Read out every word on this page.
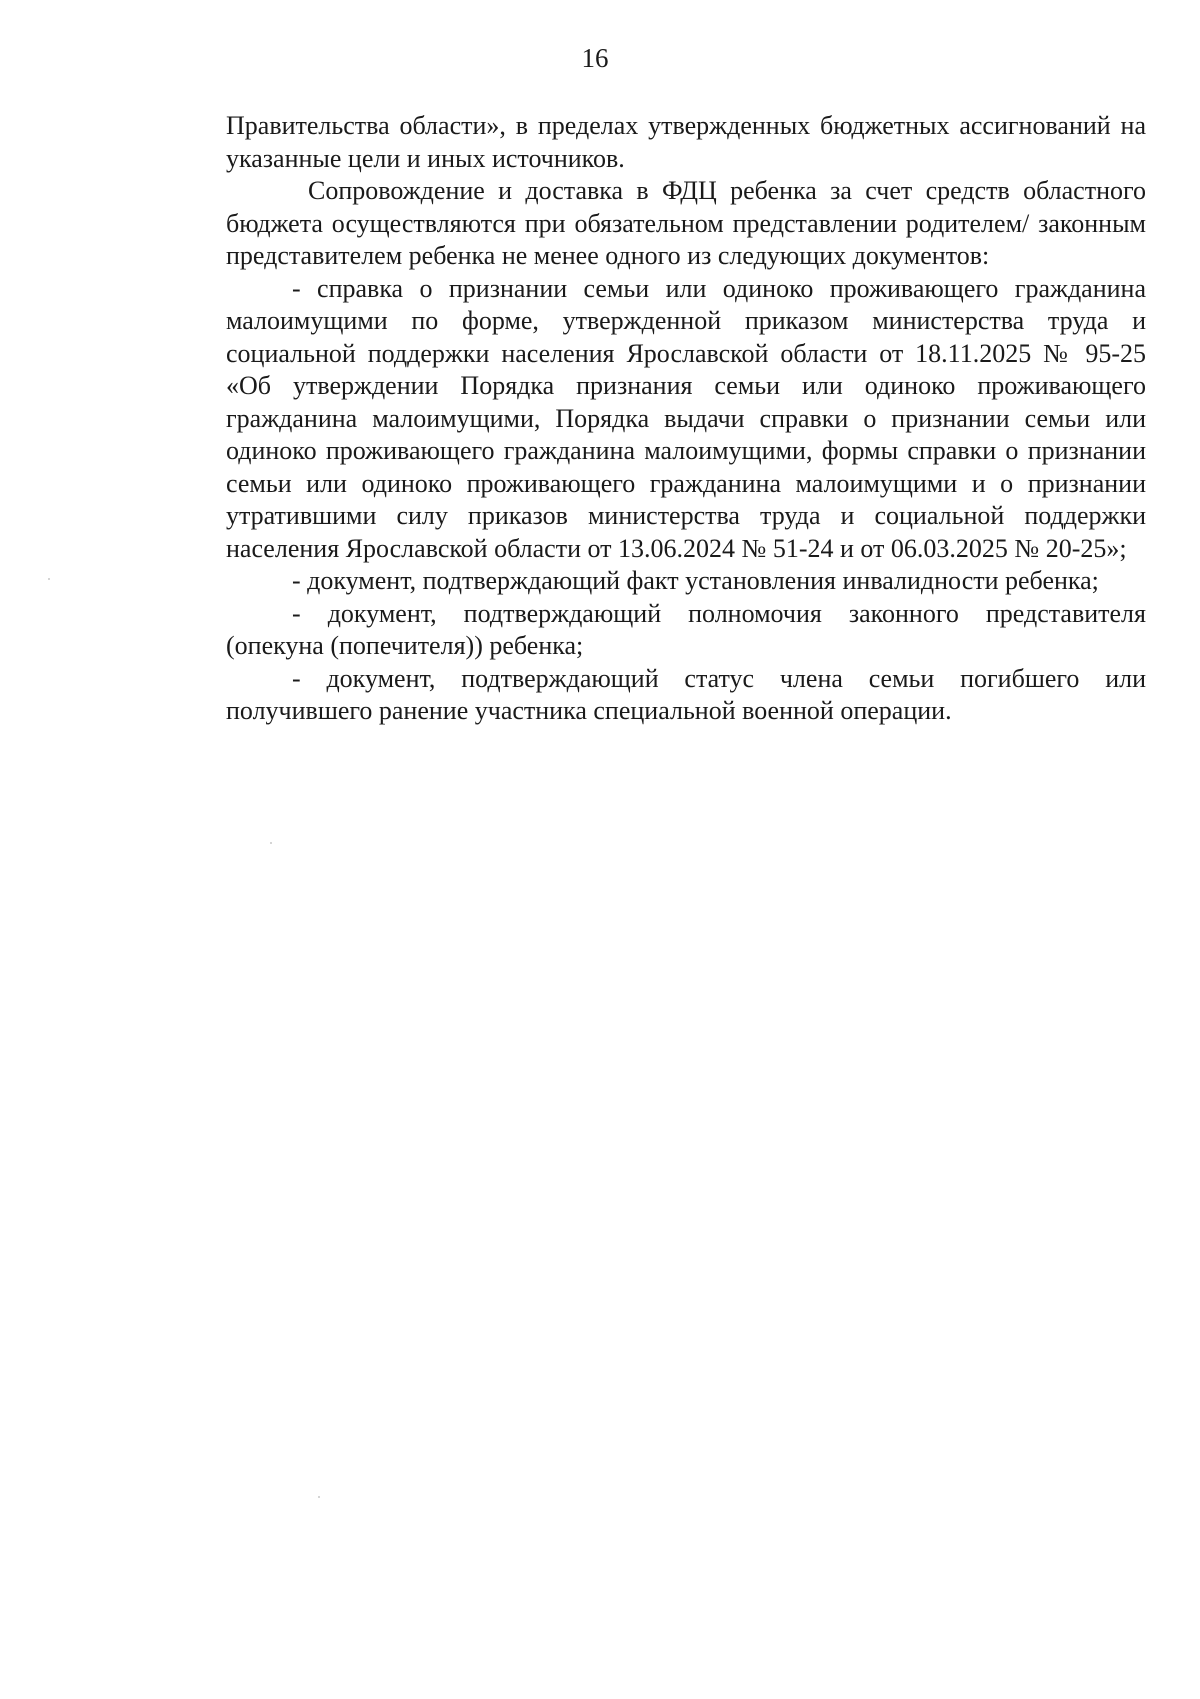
16

Правительства области», в пределах утвержденных бюджетных ассигнований на указанные цели и иных источников.

Сопровождение и доставка в ФДЦ ребенка за счет средств областного бюджета осуществляются при обязательном представлении родителем/ законным представителем ребенка не менее одного из следующих документов:

- справка о признании семьи или одиноко проживающего гражданина малоимущими по форме, утвержденной приказом министерства труда и социальной поддержки населения Ярославской области от 18.11.2025 № 95-25 «Об утверждении Порядка признания семьи или одиноко проживающего гражданина малоимущими, Порядка выдачи справки о признании семьи или одиноко проживающего гражданина малоимущими, формы справки о признании семьи или одиноко проживающего гражданина малоимущими и о признании утратившими силу приказов министерства труда и социальной поддержки населения Ярославской области от 13.06.2024 № 51-24 и от 06.03.2025 № 20-25»;

- документ, подтверждающий факт установления инвалидности ребенка;

- документ, подтверждающий полномочия законного представителя (опекуна (попечителя)) ребенка;

- документ, подтверждающий статус члена семьи погибшего или получившего ранение участника специальной военной операции.
